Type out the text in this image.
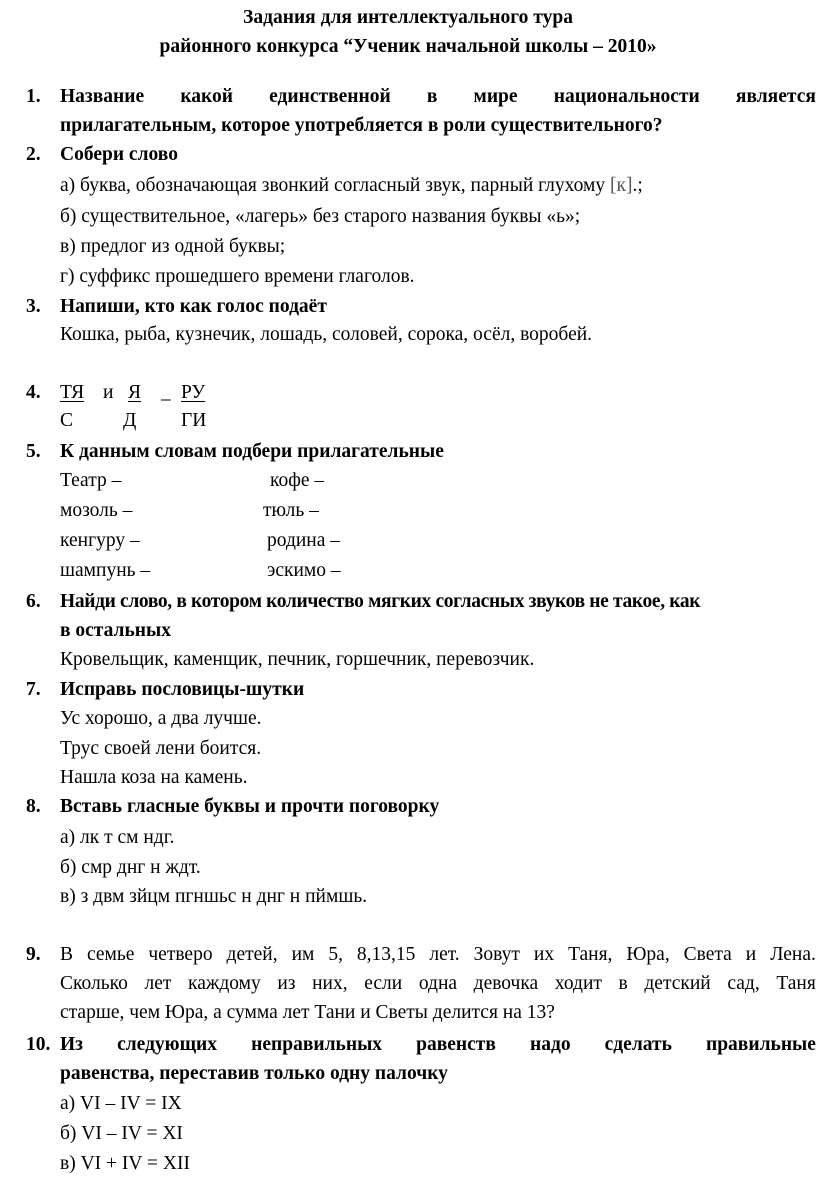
Задания для интеллектуального тура
районного конкурса “Ученик начальной школы – 2010»
1. Название какой единственной в мире национальности является
прилагательным, которое употребляется в роли существительного?
2. Собери слово
а) буква, обозначающая звонкий согласный звук, парный глухому [к].;
б) существительное, «лагерь» без старого названия буквы «ь»;
в) предлог из одной буквы;
г) суффикс прошедшего времени глаголов.
3. Напиши, кто как голос подаёт
Кошка, рыба, кузнечик, лошадь, соловей, сорока, осёл, воробей.
4. ТЯ и Я _ РУ
С	Д ГИ
5. К данным словам подбери прилагательные
Театр –	кофе –
мозоль –	тюль –
кенгуру –	родина –
шампунь –	эскимо –
6. Найди слово, в котором количество мягких согласных звуков не такое, как
в остальных
Кровельщик, каменщик, печник, горшечник, перевозчик.
7. Исправь пословицы-шутки
Ус хорошо, а два лучше.
Трус своей лени боится.
Нашла коза на камень.
8. Вставь гласные буквы и прочти поговорку
а) лк т см ндг.
б) смр днг н ждт.
в) з двм зйцм пгншьс н днг н пймшь.
9. В семье четверо детей, им 5, 8,13,15 лет. Зовут их Таня, Юра, Света и Лена.
Сколько лет каждому из них, если одна девочка ходит в детский сад, Таня
старше, чем Юра, а сумма лет Тани и Светы делится на 13?
10. Из следующих неправильных равенств надо сделать правильные
равенства, переставив только одну палочку
а) VI – IV = IX
б) VI – IV = XI
в) VI + IV = XII
